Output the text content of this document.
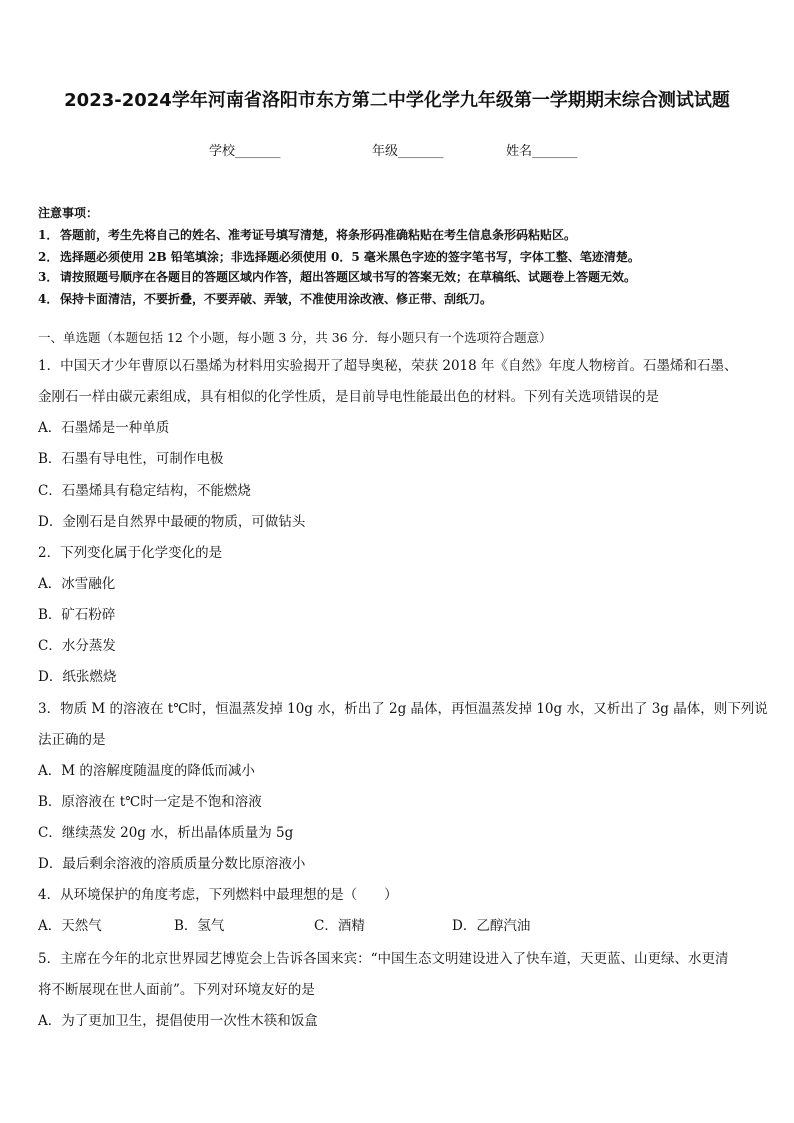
2023-2024学年河南省洛阳市东方第二中学化学九年级第一学期期末综合测试试题
学校_______	年级_______	姓名_______
注意事项：
1． 答题前，考生先将自己的姓名、准考证号填写清楚，将条形码准确粘贴在考生信息条形码粘贴区。
2． 选择题必须使用 2B 铅笔填涂；非选择题必须使用 0．5 毫米黑色字迹的签字笔书写，字体工整、笔迹清楚。
3． 请按照题号顺序在各题目的答题区域内作答，超出答题区域书写的答案无效；在草稿纸、试题卷上答题无效。
4． 保持卡面清洁，不要折叠，不要弄破、弄皱，不准使用涂改液、修正带、刮纸刀。
一、单选题（本题包括 12 个小题，每小题 3 分，共 36 分．每小题只有一个选项符合题意）
1．中国天才少年曹原以石墨烯为材料用实验揭开了超导奥秘，荣获 2018 年《自然》年度人物榜首。石墨烯和石墨、
金刚石一样由碳元素组成，具有相似的化学性质，是目前导电性能最出色的材料。下列有关选项错误的是
A．石墨烯是一种单质
B．石墨有导电性，可制作电极
C．石墨烯具有稳定结构，不能燃烧
D．金刚石是自然界中最硬的物质，可做钻头
2．下列变化属于化学变化的是
A．冰雪融化
B．矿石粉碎
C．水分蒸发
D．纸张燃烧
3．物质 M 的溶液在 t℃时，恒温蒸发掉 10g 水，析出了 2g 晶体，再恒温蒸发掉 10g 水，又析出了 3g 晶体，则下列说
法正确的是
A．M 的溶解度随温度的降低而减小
B．原溶液在 t℃时一定是不饱和溶液
C．继续蒸发 20g 水，析出晶体质量为 5g
D．最后剩余溶液的溶质质量分数比原溶液小
4．从环境保护的角度考虑，下列燃料中最理想的是（　　）
A．天然气	B．氢气	C．酒精	D．乙醇汽油
5．主席在今年的北京世界园艺博览会上告诉各国来宾：“中国生态文明建设进入了快车道，天更蓝、山更绿、水更清
将不断展现在世人面前”。下列对环境友好的是
A．为了更加卫生，提倡使用一次性木筷和饭盒
